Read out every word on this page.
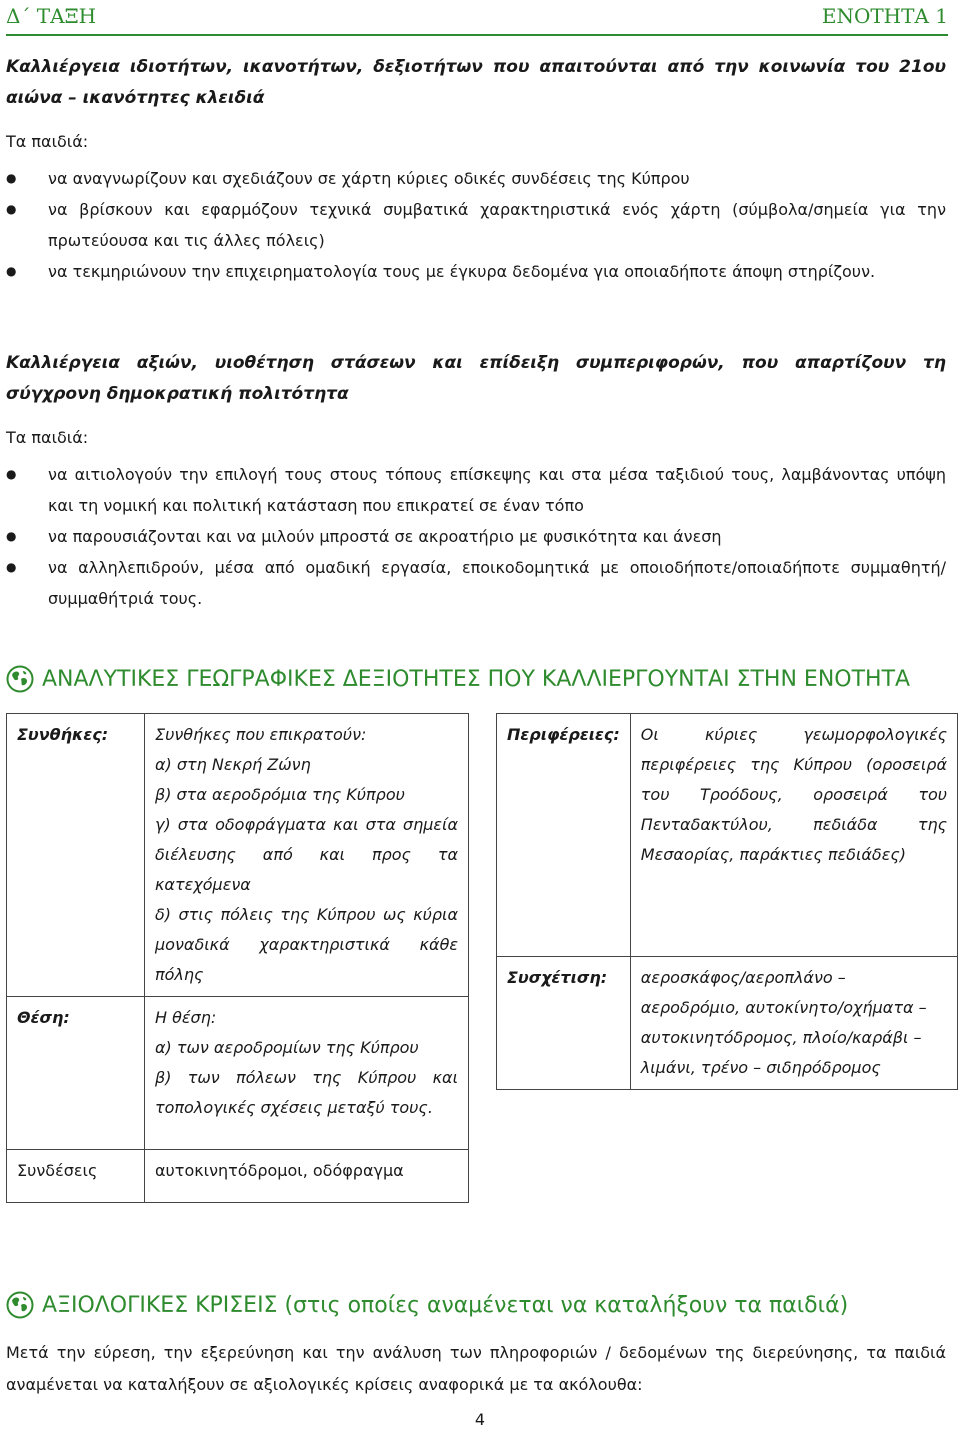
Δ΄ ΤΑΞΗ	ΕΝΟΤΗΤΑ 1
Καλλιέργεια ιδιοτήτων, ικανοτήτων, δεξιοτήτων που απαιτούνται από την κοινωνία του 21ου αιώνα – ικανότητες κλειδιά
Τα παιδιά:
● να αναγνωρίζουν και σχεδιάζουν σε χάρτη κύριες οδικές συνδέσεις της Κύπρου
● να βρίσκουν και εφαρμόζουν τεχνικά συμβατικά χαρακτηριστικά ενός χάρτη (σύμβολα/σημεία για την πρωτεύουσα και τις άλλες πόλεις)
● να τεκμηριώνουν την επιχειρηματολογία τους με έγκυρα δεδομένα για οποιαδήποτε άποψη στηρίζουν.
Καλλιέργεια αξιών, υιοθέτηση στάσεων και επίδειξη συμπεριφορών, που απαρτίζουν τη σύγχρονη δημοκρατική πολιτότητα
Τα παιδιά:
● να αιτιολογούν την επιλογή τους στους τόπους επίσκεψης και στα μέσα ταξιδιού τους, λαμβάνοντας υπόψη και τη νομική και πολιτική κατάσταση που επικρατεί σε έναν τόπο
● να παρουσιάζονται και να μιλούν μπροστά σε ακροατήριο με φυσικότητα και άνεση
● να αλληλεπιδρούν, μέσα από ομαδική εργασία, εποικοδομητικά με οποιοδήποτε/οποιαδήποτε συμμαθητή/συμμαθήτριά τους.
ΑΝΑΛΥΤΙΚΕΣ ΓΕΩΓΡΑΦΙΚΕΣ ΔΕΞΙΟΤΗΤΕΣ ΠΟΥ ΚΑΛΛΙΕΡΓΟΥΝΤΑΙ ΣΤΗΝ ΕΝΟΤΗΤΑ
Συνθήκες:	Συνθήκες που επικρατούν:
α) στη Νεκρή Ζώνη
β) στα αεροδρόμια της Κύπρου
γ) στα οδοφράγματα και στα σημεία διέλευσης από και προς τα κατεχόμενα
δ) στις πόλεις της Κύπρου ως κύρια μοναδικά χαρακτηριστικά κάθε πόλης

Θέση:	Η θέση:
α) των αεροδρομίων της Κύπρου
β) των πόλεων της Κύπρου και τοπολογικές σχέσεις μεταξύ τους.

Συνδέσεις	αυτοκινητόδρομοι, οδόφραγμα
Περιφέρειες:	Οι κύριες γεωμορφολογικές περιφέρειες της Κύπρου (οροσειρά του Τροόδους, οροσειρά του Πενταδακτύλου, πεδιάδα της Μεσαορίας, παράκτιες πεδιάδες)
Συσχέτιση:	αεροσκάφος/αεροπλάνο – αεροδρόμιο, αυτοκίνητο/οχήματα – αυτοκινητόδρομος, πλοίο/καράβι – λιμάνι, τρένο – σιδηρόδρομος
ΑΞΙΟΛΟΓΙΚΕΣ ΚΡΙΣΕΙΣ (στις οποίες αναμένεται να καταλήξουν τα παιδιά)
Μετά την εύρεση, την εξερεύνηση και την ανάλυση των πληροφοριών / δεδομένων της διερεύνησης, τα παιδιά αναμένεται να καταλήξουν σε αξιολογικές κρίσεις αναφορικά με τα ακόλουθα:
4
